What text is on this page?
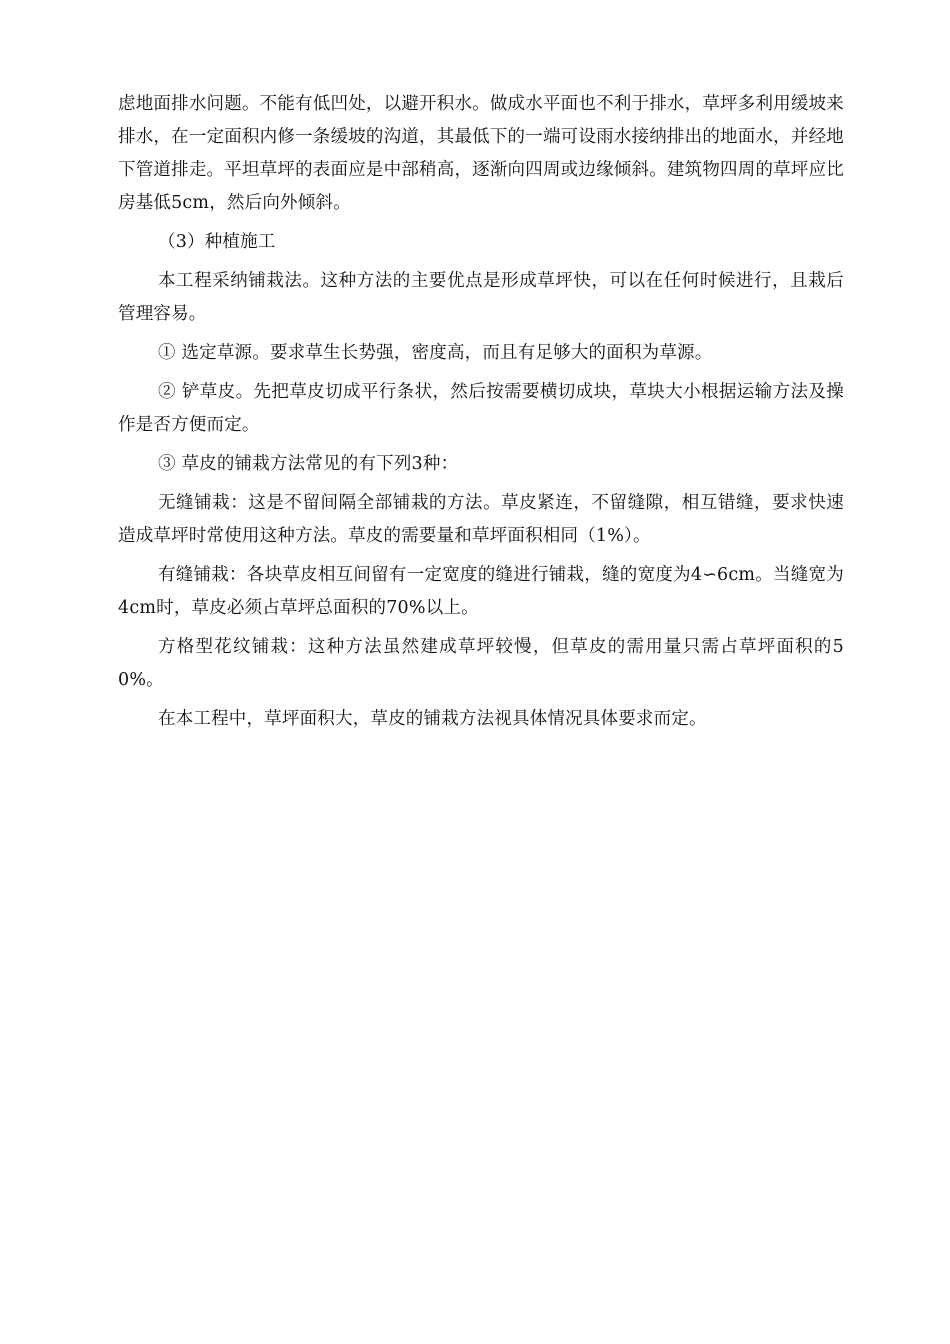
虑地面排水问题。不能有低凹处，以避开积水。做成水平面也不利于排水，草坪多利用缓坡来排水，在一定面积内修一条缓坡的沟道，其最低下的一端可设雨水接纳排出的地面水，并经地下管道排走。平坦草坪的表面应是中部稍高，逐渐向四周或边缘倾斜。建筑物四周的草坪应比房基低5cm，然后向外倾斜。

（3）种植施工

本工程采纳铺栽法。这种方法的主要优点是形成草坪快，可以在任何时候进行，且栽后管理容易。

① 选定草源。要求草生长势强，密度高，而且有足够大的面积为草源。

② 铲草皮。先把草皮切成平行条状，然后按需要横切成块，草块大小根据运输方法及操作是否方便而定。

③ 草皮的铺栽方法常见的有下列3种：

无缝铺栽：这是不留间隔全部铺栽的方法。草皮紧连，不留缝隙，相互错缝，要求快速造成草坪时常使用这种方法。草皮的需要量和草坪面积相同（1%）。

有缝铺栽：各块草皮相互间留有一定宽度的缝进行铺栽，缝的宽度为4∽6cm。当缝宽为4cm时，草皮必须占草坪总面积的70%以上。

方格型花纹铺栽：这种方法虽然建成草坪较慢，但草皮的需用量只需占草坪面积的50%。

在本工程中，草坪面积大，草皮的铺栽方法视具体情况具体要求而定。
